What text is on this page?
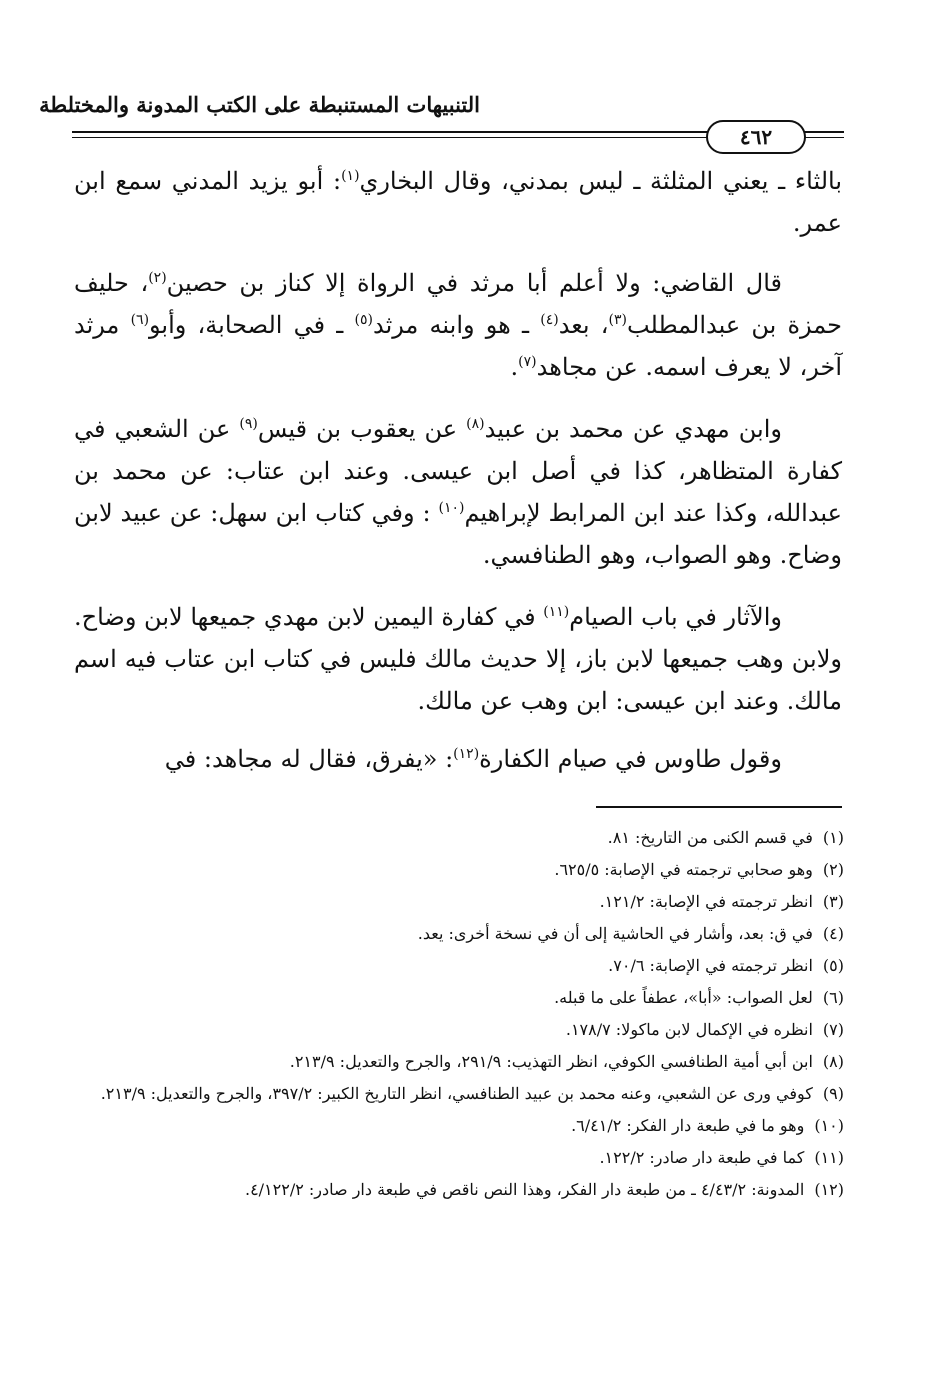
التنبيهات المستنبطة على الكتب المدونة والمختلطة
٤٦٢

بالثاء ـ يعني المثلثة ـ ليس بمدني، وقال البخاري$^{(١)}$: أبو يزيد المدني سمع ابن عمر.

قال القاضي: ولا أعلم أبا مرثد في الرواة إلا كناز بن حصين$^{(٢)}$، حليف حمزة بن عبدالمطلب$^{(٣)}$، بعد$^{(٤)}$ ـ هو وابنه مرثد$^{(٥)}$ ـ في الصحابة، وأبو$^{(٦)}$ مرثد آخر، لا يعرف اسمه. عن مجاهد$^{(٧)}$.

وابن مهدي عن محمد بن عبيد$^{(٨)}$ عن يعقوب بن قيس$^{(٩)}$ عن الشعبي في كفارة المتظاهر، كذا في أصل ابن عيسى. وعند ابن عتاب: عن محمد بن عبدالله، وكذا عند ابن المرابط لإبراهيم$^{(١٠)}$ : وفي كتاب ابن سهل: عن عبيد لابن وضاح. وهو الصواب، وهو الطنافسي.

والآثار في باب الصيام$^{(١١)}$ في كفارة اليمين لابن مهدي جميعها لابن وضاح. ولابن وهب جميعها لابن باز، إلا حديث مالك فليس في كتاب ابن عتاب فيه اسم مالك. وعند ابن عيسى: ابن وهب عن مالك.

وقول طاوس في صيام الكفارة$^{(١٢)}$: «يفرق، فقال له مجاهد: في

(١)
في قسم الكنى من التاريخ: ٨١.
(٢)
وهو صحابي ترجمته في الإصابة: ٦٢٥/٥.
(٣)
انظر ترجمته في الإصابة: ١٢١/٢.
(٤)
في ق: بعد، وأشار في الحاشية إلى أن في نسخة أخرى: يعد.
(٥)
انظر ترجمته في الإصابة: ٧٠/٦.
(٦)
لعل الصواب: «أبا»، عطفاً على ما قبله.
(٧)
انظره في الإكمال لابن ماكولا: ١٧٨/٧.
(٨)
ابن أبي أمية الطنافسي الكوفي، انظر التهذيب: ٢٩١/٩، والجرح والتعديل: ٢١٣/٩.
(٩)
كوفي ورى عن الشعبي، وعنه محمد بن عبيد الطنافسي، انظر التاريخ الكبير: ٣٩٧/٢، والجرح والتعديل: ٢١٣/٩.
(١٠)
وهو ما في طبعة دار الفكر: ٦/٤١/٢.
(١١)
كما في طبعة دار صادر: ١٢٢/٢.
(١٢)
المدونة: ٤/٤٣/٢ ـ من طبعة دار الفكر، وهذا النص ناقص في طبعة دار صادر: ٤/١٢٢/٢.
